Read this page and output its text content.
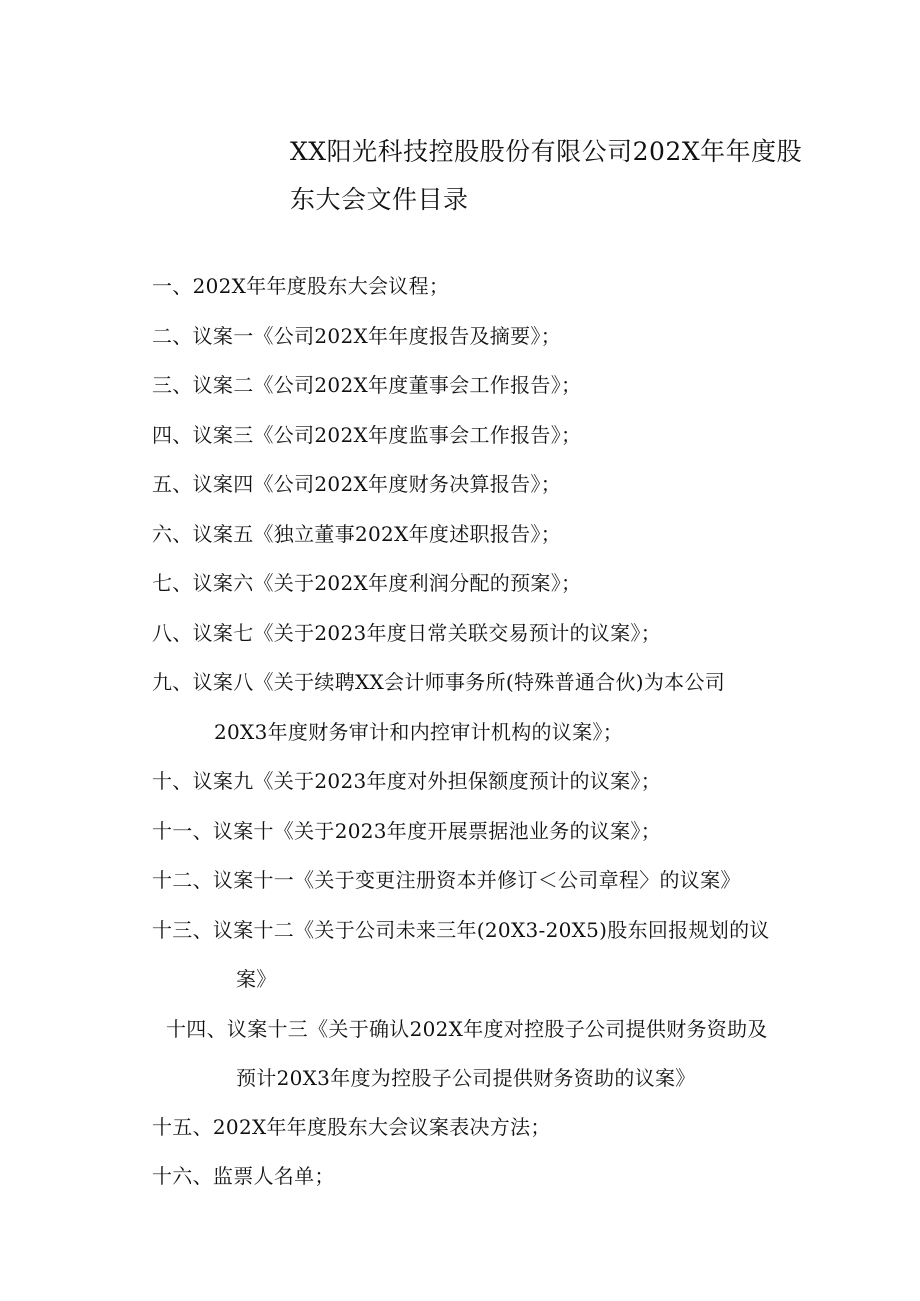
XX阳光科技控股股份有限公司202X年年度股
东大会文件目录
一、202X年年度股东大会议程；
二、议案一《公司202X年年度报告及摘要》；
三、议案二《公司202X年度董事会工作报告》；
四、议案三《公司202X年度监事会工作报告》；
五、议案四《公司202X年度财务决算报告》；
六、议案五《独立董事202X年度述职报告》；
七、议案六《关于202X年度利润分配的预案》；
八、议案七《关于2023年度日常关联交易预计的议案》；
九、议案八《关于续聘XX会计师事务所(特殊普通合伙)为本公司
20X3年度财务审计和内控审计机构的议案》；
十、议案九《关于2023年度对外担保额度预计的议案》；
十一、议案十《关于2023年度开展票据池业务的议案》；
十二、议案十一《关于变更注册资本并修订＜公司章程〉的议案》
十三、议案十二《关于公司未来三年(20X3-20X5)股东回报规划的议
案》
十四、议案十三《关于确认202X年度对控股子公司提供财务资助及
预计20X3年度为控股子公司提供财务资助的议案》
十五、202X年年度股东大会议案表决方法；
十六、监票人名单；
